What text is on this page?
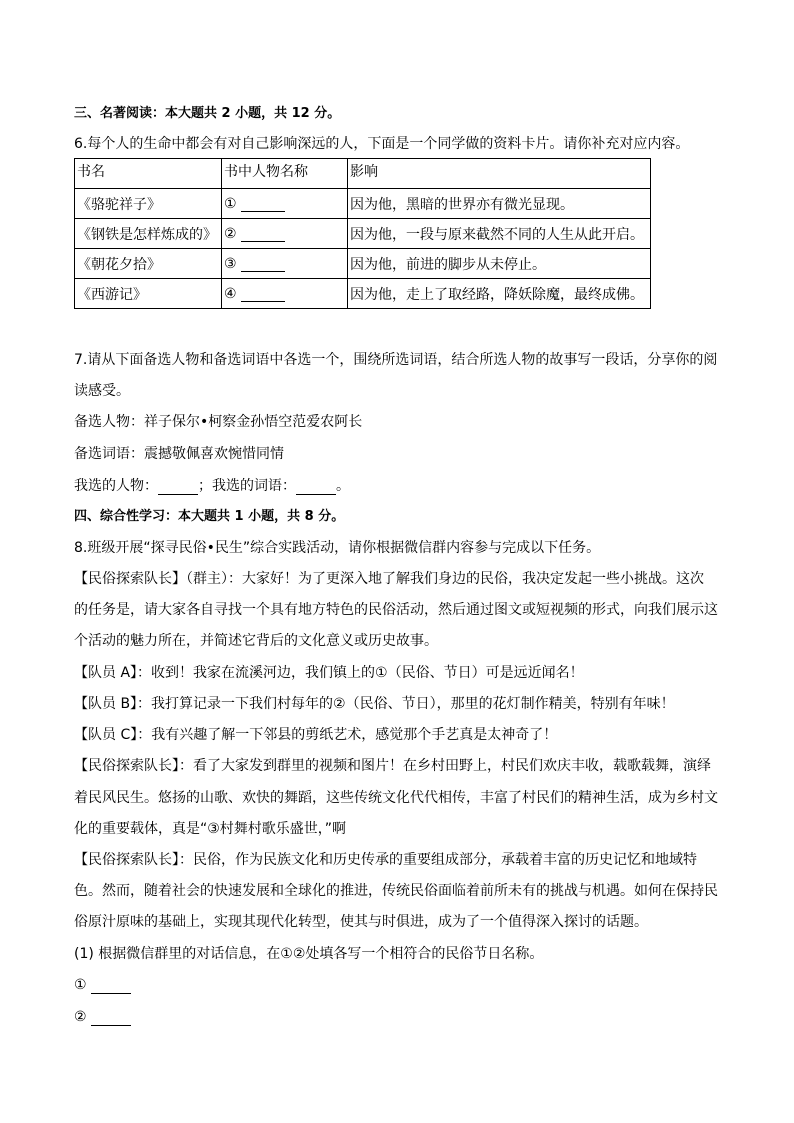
三、名著阅读：本大题共 2 小题，共 12 分。
6.每个人的生命中都会有对自己影响深远的人，下面是一个同学做的资料卡片。请你补充对应内容。
书名	书中人物名称	影响
《骆驼祥子》	①	因为他，黑暗的世界亦有微光显现。
《钢铁是怎样炼成的》	②	因为他，一段与原来截然不同的人生从此开启。
《朝花夕拾》	③	因为他，前进的脚步从未停止。
《西游记》	④	因为他，走上了取经路，降妖除魔，最终成佛。
7.请从下面备选人物和备选词语中各选一个，围绕所选词语，结合所选人物的故事写一段话，分享你的阅
读感受。
备选人物：祥子保尔•柯察金孙悟空范爱农阿长
备选词语：震撼敬佩喜欢惋惜同情
我选的人物：	；我选的词语：	。
四、综合性学习：本大题共 1 小题，共 8 分。
8.班级开展“探寻民俗•民生”综合实践活动，请你根据微信群内容参与完成以下任务。
【民俗探索队长】（群主）：大家好！为了更深入地了解我们身边的民俗，我决定发起一些小挑战。这次
的任务是，请大家各自寻找一个具有地方特色的民俗活动，然后通过图文或短视频的形式，向我们展示这
个活动的魅力所在，并简述它背后的文化意义或历史故事。
【队员 A】：收到！我家在流溪河边，我们镇上的①（民俗、节日）可是远近闻名！
【队员 B】：我打算记录一下我们村每年的②（民俗、节日），那里的花灯制作精美，特别有年味！
【队员 C】：我有兴趣了解一下邻县的剪纸艺术，感觉那个手艺真是太神奇了！
【民俗探索队长】：看了大家发到群里的视频和图片！在乡村田野上，村民们欢庆丰收，载歌载舞，演绎
着民风民生。悠扬的山歌、欢快的舞蹈，这些传统文化代代相传，丰富了村民们的精神生活，成为乡村文
化的重要载体，真是“③村舞村歌乐盛世，”啊
【民俗探索队长】：民俗，作为民族文化和历史传承的重要组成部分，承载着丰富的历史记忆和地域特
色。然而，随着社会的快速发展和全球化的推进，传统民俗面临着前所未有的挑战与机遇。如何在保持民
俗原汁原味的基础上，实现其现代化转型，使其与时俱进，成为了一个值得深入探讨的话题。
(1) 根据微信群里的对话信息，在①②处填各写一个相符合的民俗节日名称。
①
②
